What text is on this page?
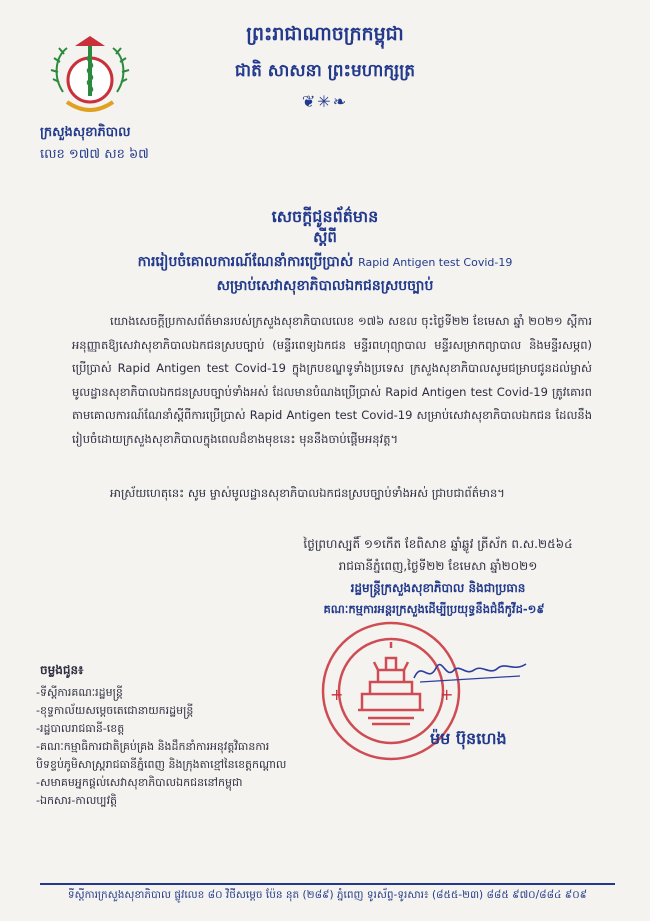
ព្រះរាជាណាចក្រកម្ពុជា
ជាតិ សាសនា ព្រះមហាក្សត្រ
❦✳❧
ក្រសួងសុខាភិបាល
លេខ ១៧៧ សខ ៦៧
សេចក្តីជូនព័ត៌មាន
ស្តីពី
ការរៀបចំគោលការណ៍ណែនាំការប្រើប្រាស់ Rapid Antigen test Covid-19
សម្រាប់សេវាសុខាភិបាលឯកជនស្របច្បាប់
យោងសេចក្តីប្រកាសព័ត៌មានរបស់ក្រសួងសុខាភិបាលលេខ ១៧៦ សខល ចុះថ្ងៃទី២២ ខែមេសា ឆ្នាំ ២០២១ ស្តីការអនុញ្ញាតឱ្យសេវាសុខាភិបាលឯកជនស្របច្បាប់ (មន្ទីរពេទ្យឯកជន មន្ទីរពហុព្យាបាល មន្ទីរសម្រាកព្យាបាល និងមន្ទីរសម្ភព) ប្រើប្រាស់ Rapid Antigen test Covid-19 ក្នុងក្របខណ្ឌទូទាំងប្រទេស ក្រសួងសុខាភិបាលសូមជម្រាបជូនដល់ម្ចាស់មូលដ្ឋានសុខាភិបាលឯកជនស្របច្បាប់ទាំងអស់ ដែលមានបំណងប្រើប្រាស់ Rapid Antigen test Covid-19 ត្រូវគោរពតាមគោលការណ៍ណែនាំស្តីពីការប្រើប្រាស់ Rapid Antigen test Covid-19 សម្រាប់សេវាសុខាភិបាលឯកជន ដែលនឹងរៀបចំដោយក្រសួងសុខាភិបាលក្នុងពេលដ៏ខាងមុខនេះ មុននឹងចាប់ផ្តើមអនុវត្ត។
អាស្រ័យហេតុនេះ សូម ម្ចាស់មូលដ្ឋានសុខាភិបាលឯកជនស្របច្បាប់ទាំងអស់ ជ្រាបជាព័ត៌មាន។
ថ្ងៃព្រហស្បតិ៍ ១១កើត ខែពិសាខ ឆ្នាំឆ្លូវ ត្រីស័ក ព.ស.២៥៦៤
រាជធានីភ្នំពេញ,ថ្ងៃទី២២ ខែមេសា ឆ្នាំ២០២១
រដ្ឋមន្ត្រីក្រសួងសុខាភិបាល និងជាប្រធាន
គណៈកម្មការអន្តរក្រសួងដើម្បីប្រយុទ្ធនឹងជំងឺកូវីដ-១៩
+	+
ម៉ម ប៊ុនហេង
ចម្លងជូន៖
-ទីស្តីការគណៈរដ្ឋមន្ត្រី
-ខុទ្ទកាល័យសម្តេចតេជោនាយករដ្ឋមន្ត្រី
-រដ្ឋបាលរាជធានី-ខេត្ត
-គណៈកម្មាធិការជាតិគ្រប់គ្រង និងដឹកនាំការអនុវត្តវិធានការ
បិទខ្ទប់ភូមិសាស្ត្ររាជធានីភ្នំពេញ និងក្រុងតាខ្មៅនៃខេត្តកណ្តាល
-សមាគមអ្នកផ្តល់សេវាសុខាភិបាលឯកជននៅកម្ពុជា
-ឯកសារ-កាលប្បវត្តិ
ទីស្តីការក្រសួងសុខាភិបាល ផ្លូវលេខ ៨០ វិថីសម្តេច ប៉ែន នុត (២៨៩) ភ្នំពេញ ទូរស័ព្ទ-ទូរសារ៖ (៨៥៥-២៣) ៨៨៥ ៩៧០/៨៨៤ ៩០៩
